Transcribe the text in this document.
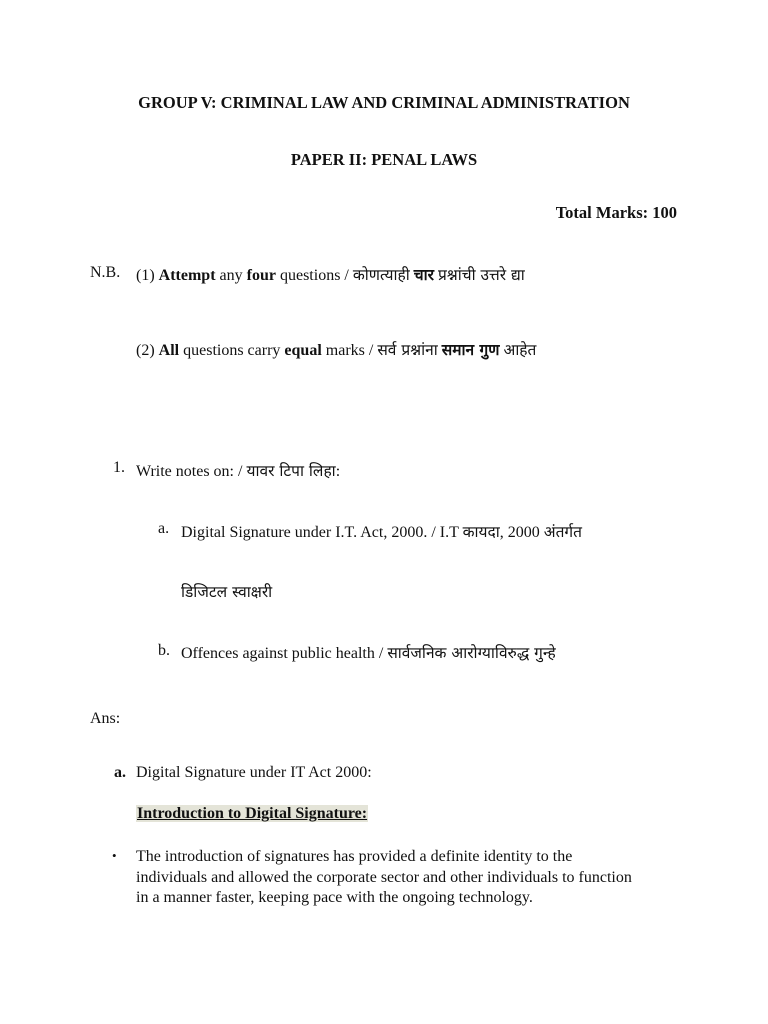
GROUP V: CRIMINAL LAW AND CRIMINAL ADMINISTRATION
PAPER II: PENAL LAWS
Total Marks: 100
N.B. (1) Attempt any four questions / कोणत्याही चार प्रश्नांची उत्तरे द्या
(2) All questions carry equal marks / सर्व प्रश्नांना समान गुण आहेत
1. Write notes on: / यावर टिपा लिहा:
a. Digital Signature under I.T. Act, 2000. / I.T कायदा, 2000 अंतर्गत
डिजिटल स्वाक्षरी
b. Offences against public health / सार्वजनिक आरोग्याविरुद्ध गुन्हे
Ans:
a. Digital Signature under IT Act 2000:
Introduction to Digital Signature:
• The introduction of signatures has provided a definite identity to the individuals and allowed the corporate sector and other individuals to function in a manner faster, keeping pace with the ongoing technology.
